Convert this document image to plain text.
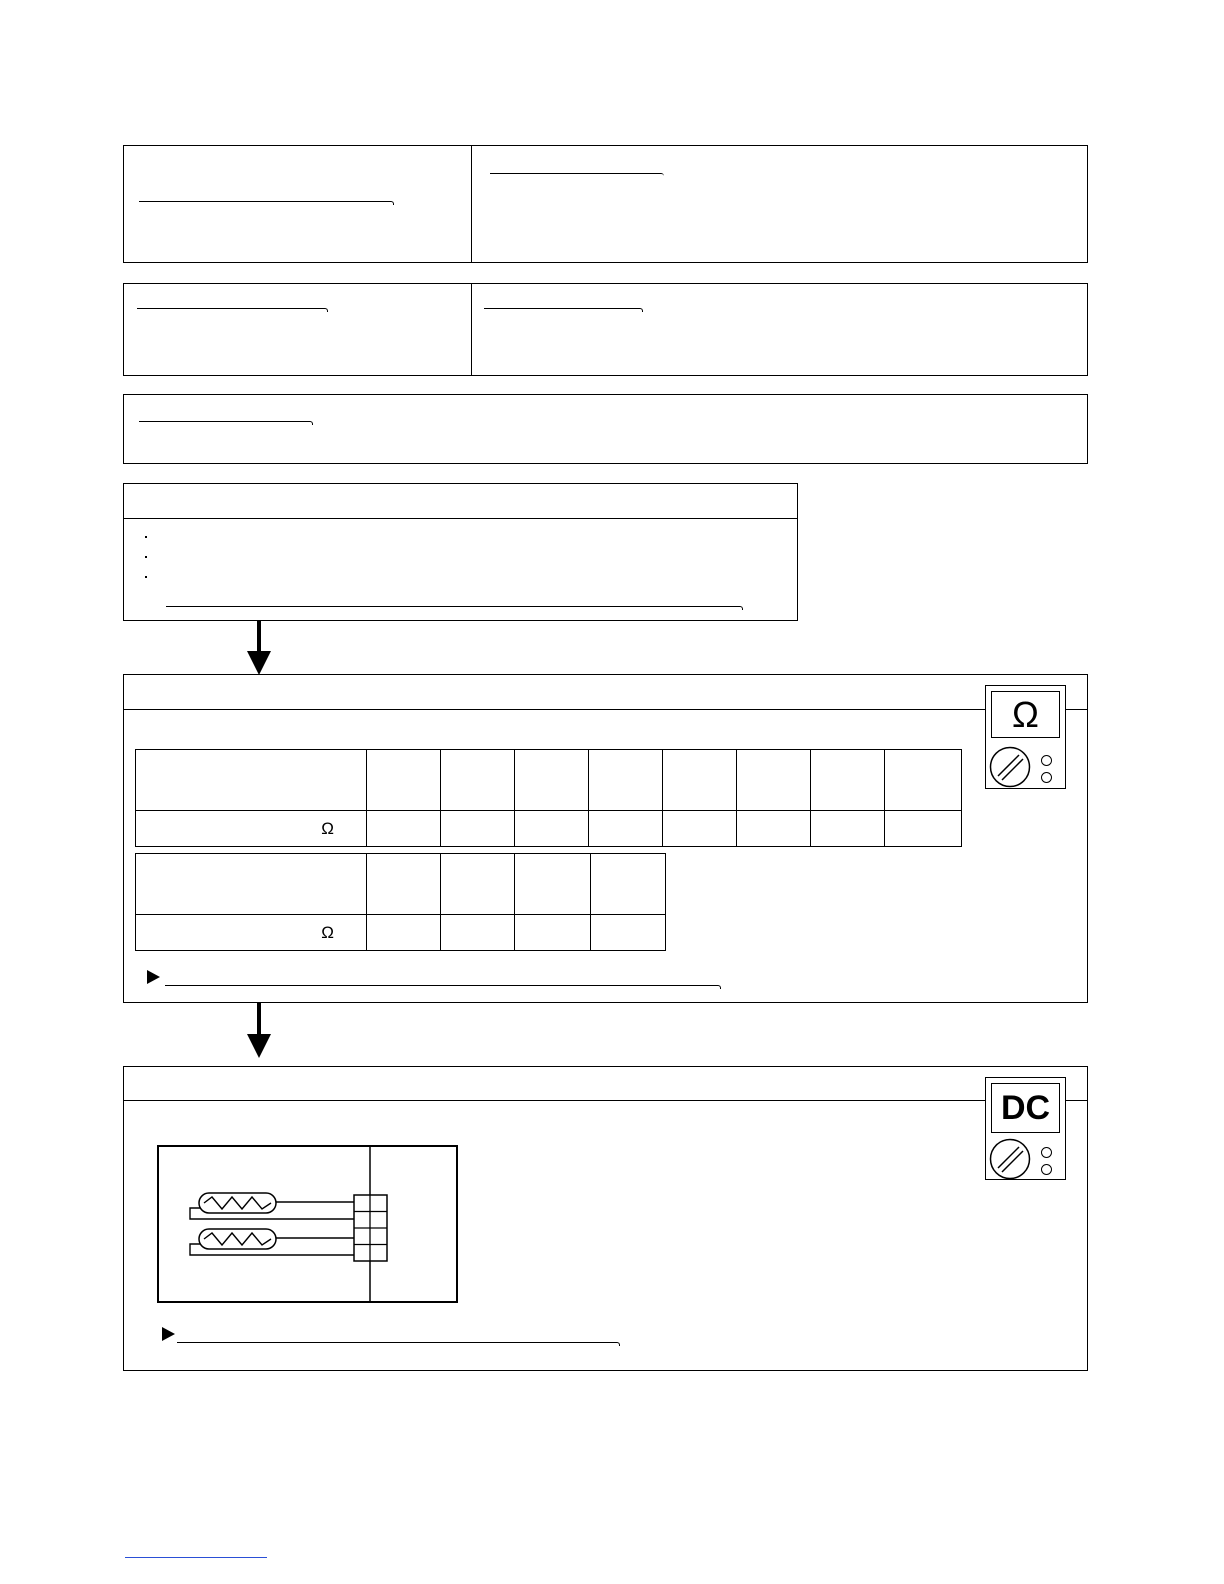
Ω

Ω								

Ω				
DC
